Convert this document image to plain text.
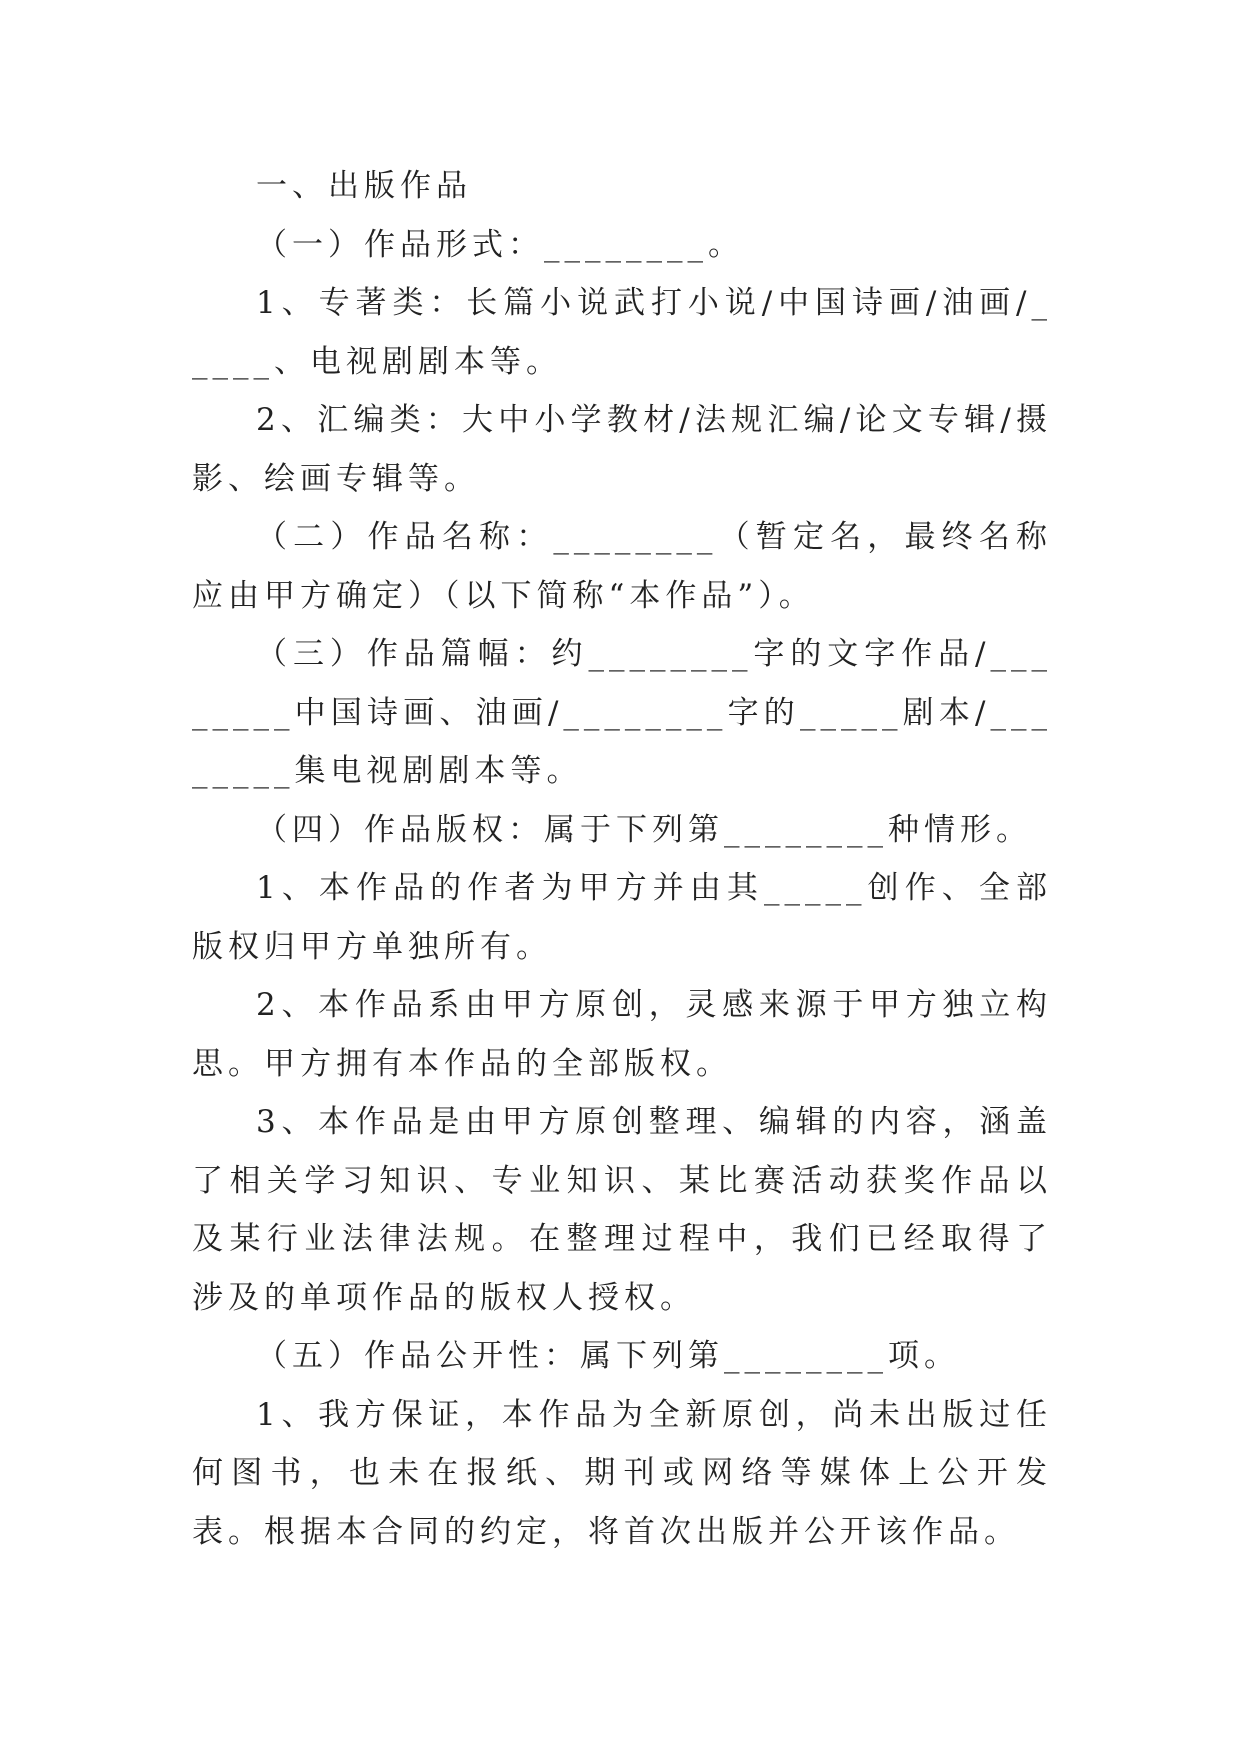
一、出版作品

（一）作品形式：________。

1、专著类：长篇小说武打小说/中国诗画/油画/_____、电视剧剧本等。

2、汇编类：大中小学教材/法规汇编/论文专辑/摄影、绘画专辑等。

（二）作品名称：________（暂定名，最终名称应由甲方确定）（以下简称“本作品”）。

（三）作品篇幅：约________字的文字作品/________中国诗画、油画/________字的_____剧本/________集电视剧剧本等。

（四）作品版权：属于下列第________种情形。

1、本作品的作者为甲方并由其_____创作、全部版权归甲方单独所有。

2、本作品系由甲方原创，灵感来源于甲方独立构思。甲方拥有本作品的全部版权。

3、本作品是由甲方原创整理、编辑的内容，涵盖了相关学习知识、专业知识、某比赛活动获奖作品以及某行业法律法规。在整理过程中，我们已经取得了涉及的单项作品的版权人授权。

（五）作品公开性：属下列第________项。

1、我方保证，本作品为全新原创，尚未出版过任何图书，也未在报纸、期刊或网络等媒体上公开发表。根据本合同的约定，将首次出版并公开该作品。
